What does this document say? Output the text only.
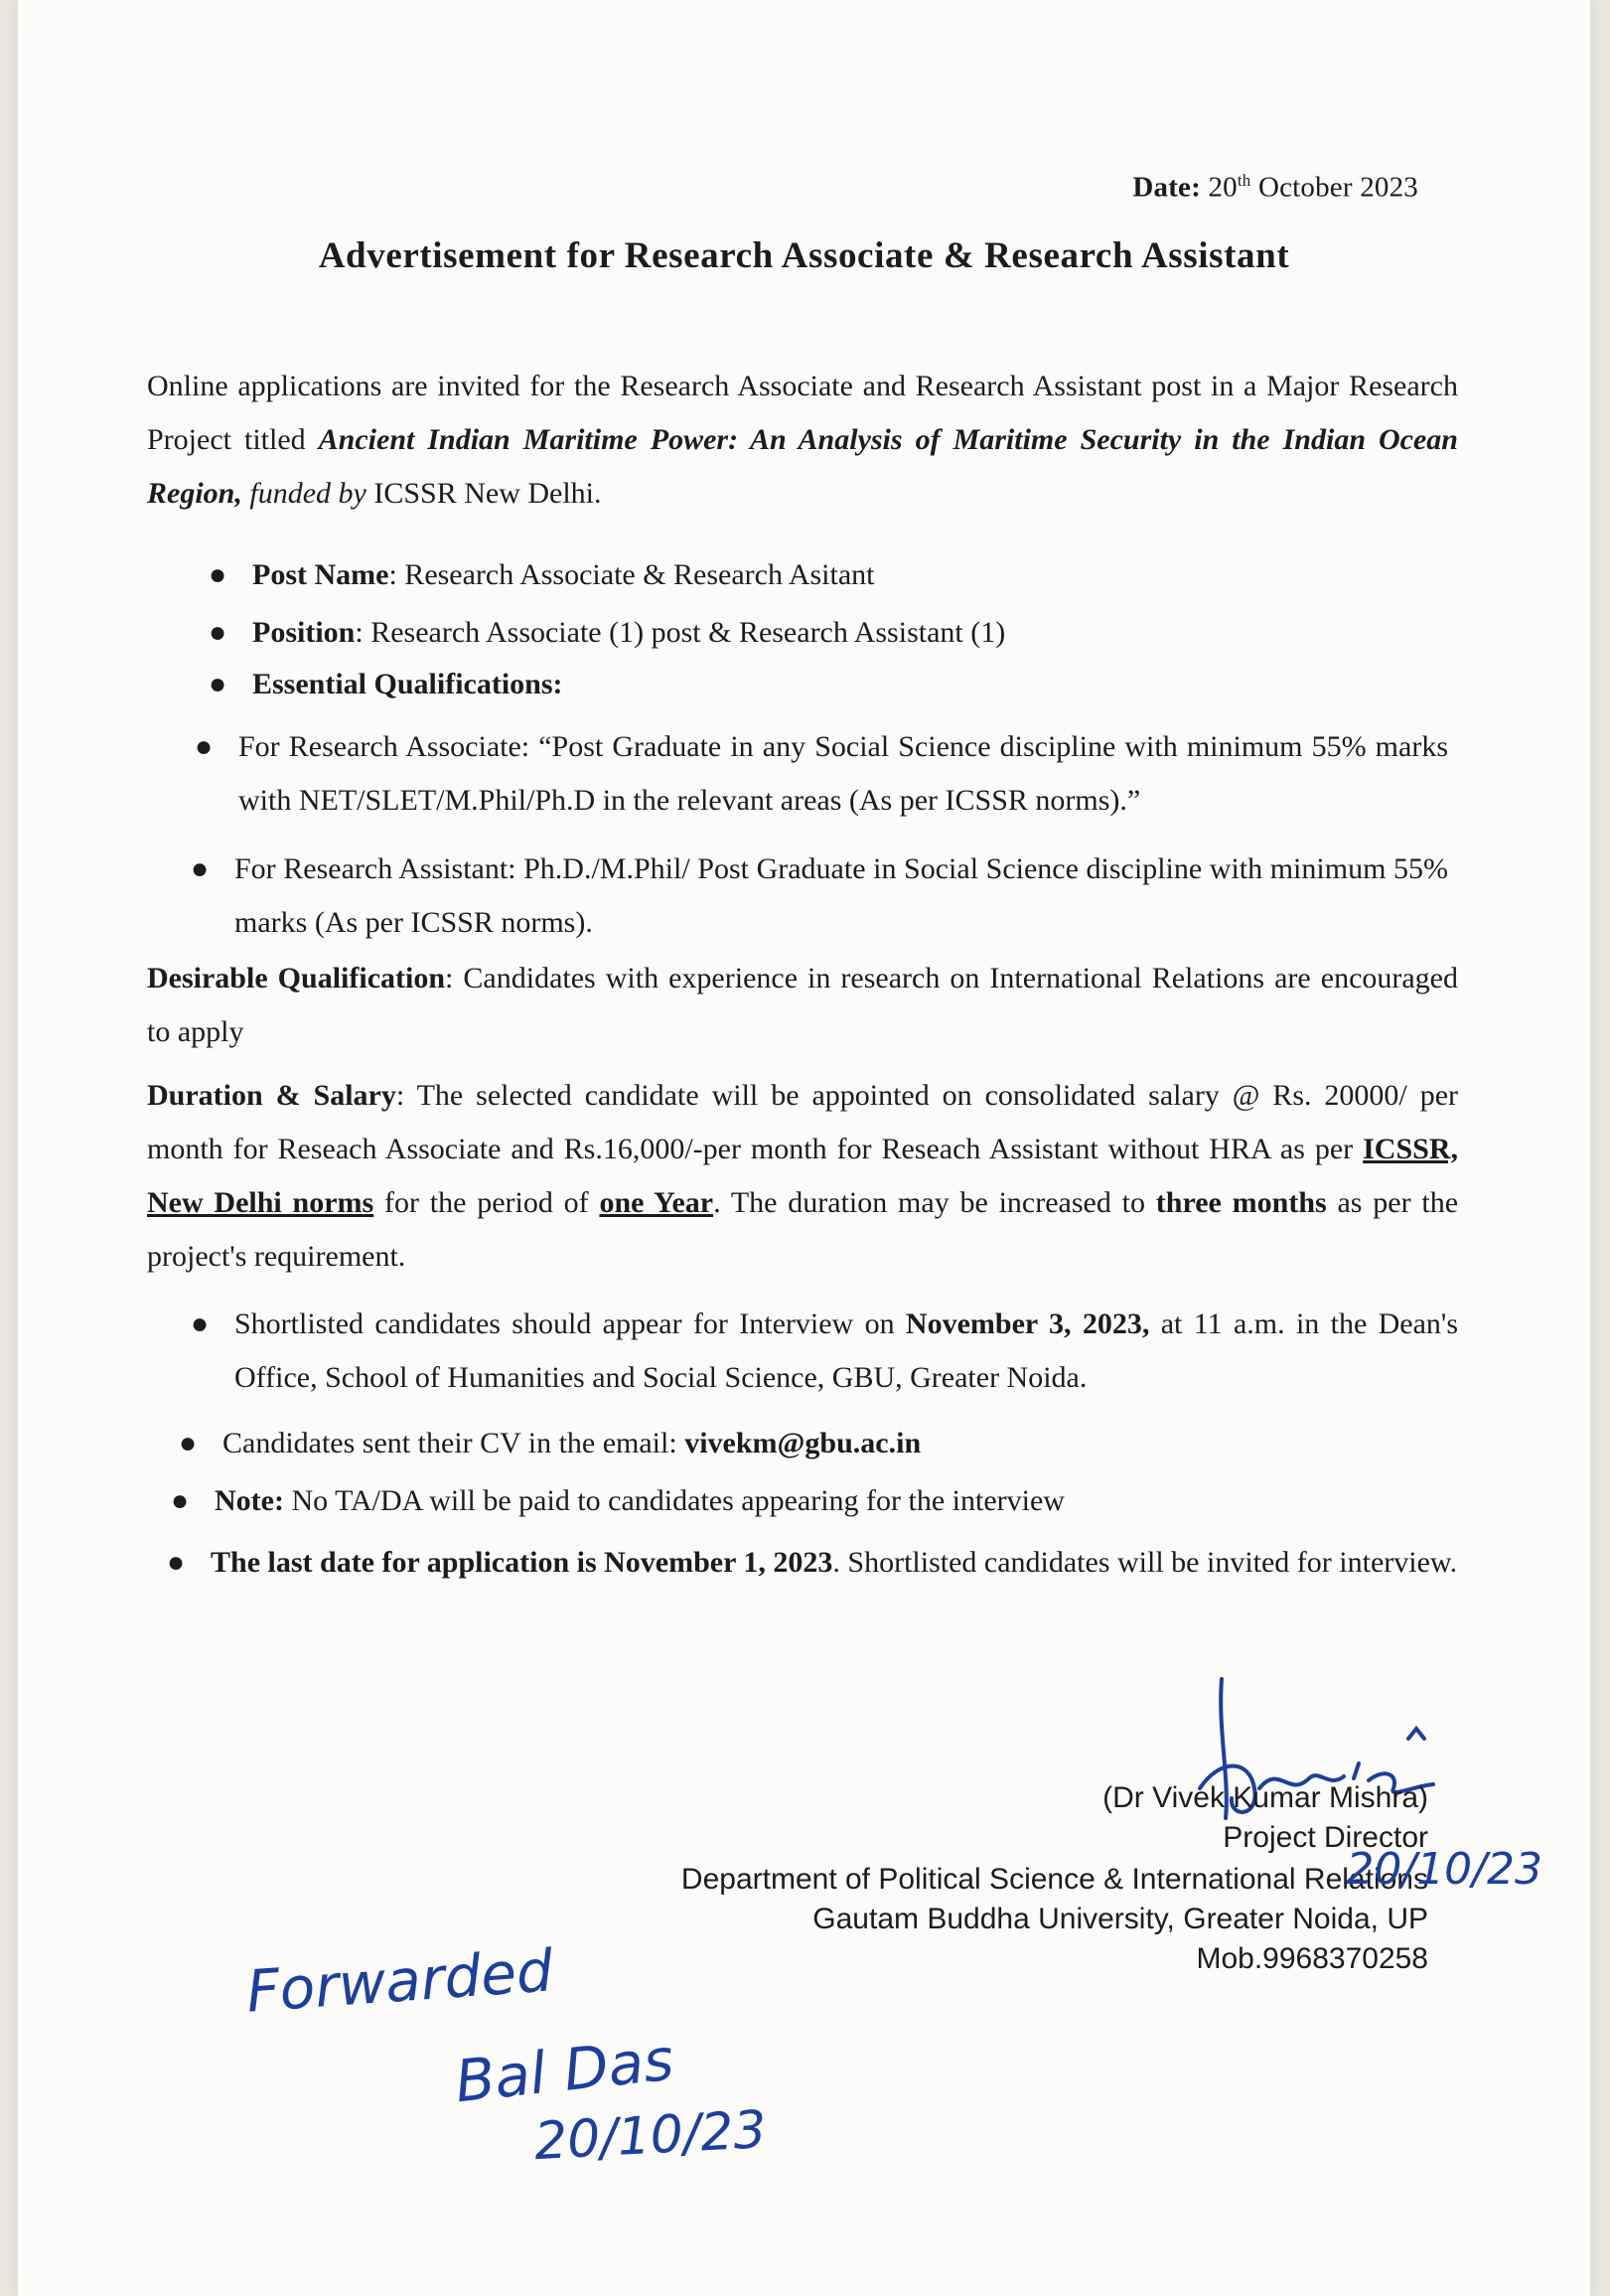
Date: 20th October 2023
Advertisement for Research Associate & Research Assistant
Online applications are invited for the Research Associate and Research Assistant post in a Major Research Project titled Ancient Indian Maritime Power: An Analysis of Maritime Security in the Indian Ocean Region, funded by ICSSR New Delhi.
● Post Name: Research Associate & Research Asitant
● Position: Research Associate (1) post & Research Assistant (1)
● Essential Qualifications:
● For Research Associate: “Post Graduate in any Social Science discipline with minimum 55% marks with NET/SLET/M.Phil/Ph.D in the relevant areas (As per ICSSR norms).”
● For Research Assistant: Ph.D./M.Phil/ Post Graduate in Social Science discipline with minimum 55% marks (As per ICSSR norms).
Desirable Qualification: Candidates with experience in research on International Relations are encouraged to apply
Duration & Salary: The selected candidate will be appointed on consolidated salary @ Rs. 20000/ per month for Reseach Associate and Rs.16,000/-per month for Reseach Assistant without HRA as per ICSSR, New Delhi norms for the period of one Year. The duration may be increased to three months as per the project's requirement.
● Shortlisted candidates should appear for Interview on November 3, 2023, at 11 a.m. in the Dean's Office, School of Humanities and Social Science, GBU, Greater Noida.
● Candidates sent their CV in the email: vivekm@gbu.ac.in
● Note: No TA/DA will be paid to candidates appearing for the interview
● The last date for application is November 1, 2023. Shortlisted candidates will be invited for interview.
(Dr Vivek Kumar Mishra)
Project Director
Department of Political Science & International Relations
Gautam Buddha University, Greater Noida, UP
Mob.9968370258
20/10/23
Forwarded
Bal Das
20/10/23
